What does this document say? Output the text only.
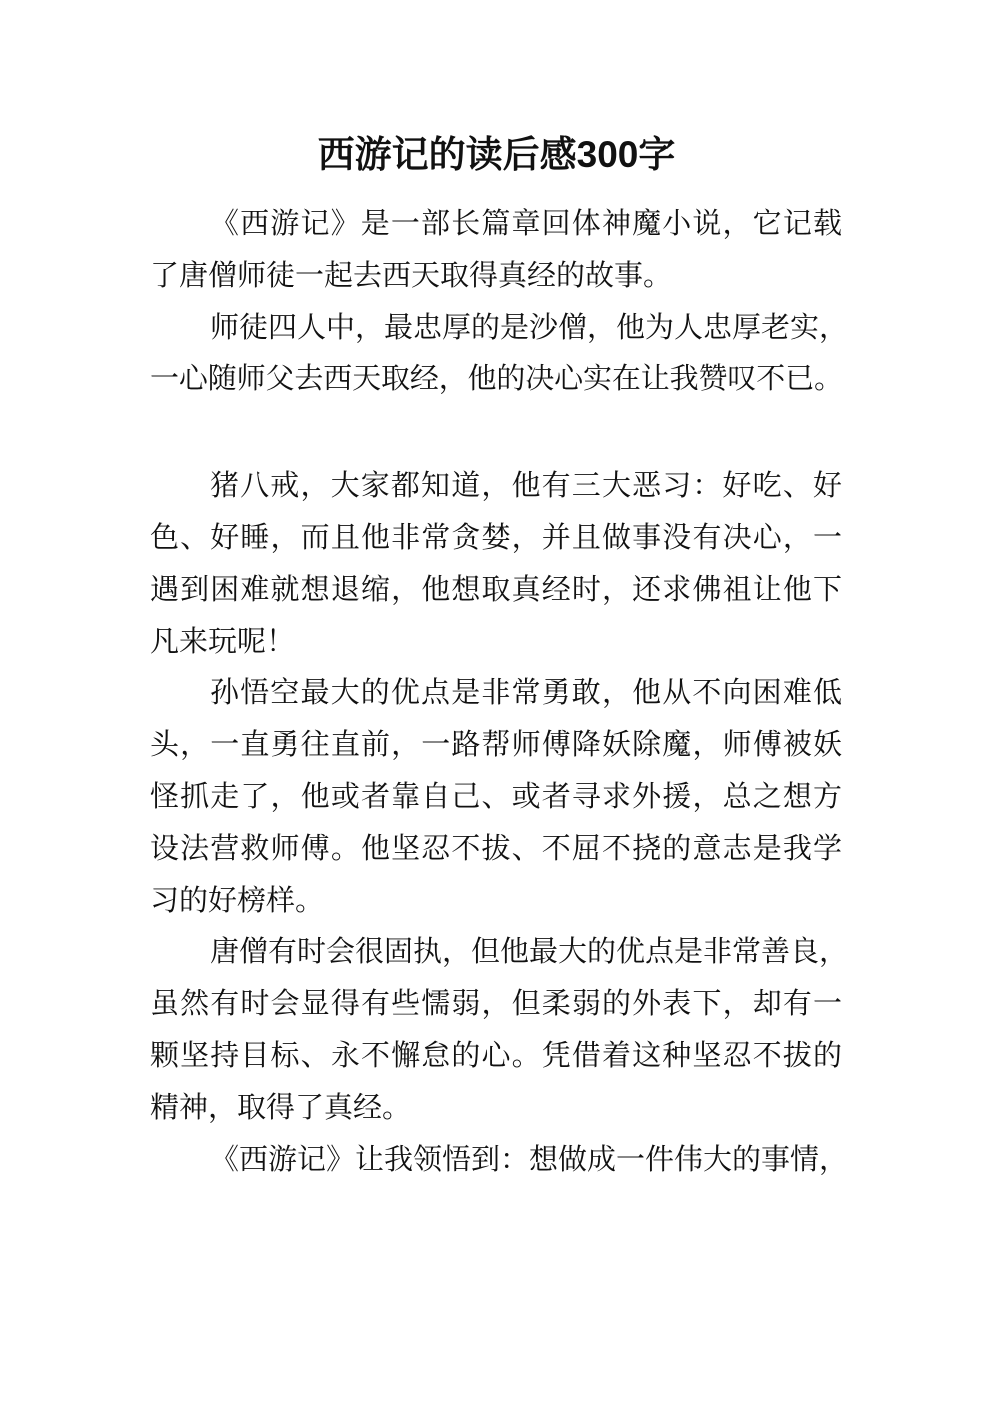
西游记的读后感300字
《西游记》是一部长篇章回体神魔小说，它记载
了唐僧师徒一起去西天取得真经的故事。
师徒四人中，最忠厚的是沙僧，他为人忠厚老实，
一心随师父去西天取经，他的决心实在让我赞叹不已。
猪八戒，大家都知道，他有三大恶习：好吃、好
色、好睡，而且他非常贪婪，并且做事没有决心，一
遇到困难就想退缩，他想取真经时，还求佛祖让他下
凡来玩呢！
孙悟空最大的优点是非常勇敢，他从不向困难低
头，一直勇往直前，一路帮师傅降妖除魔，师傅被妖
怪抓走了，他或者靠自己、或者寻求外援，总之想方
设法营救师傅。他坚忍不拔、不屈不挠的意志是我学
习的好榜样。
唐僧有时会很固执，但他最大的优点是非常善良，
虽然有时会显得有些懦弱，但柔弱的外表下，却有一
颗坚持目标、永不懈怠的心。凭借着这种坚忍不拔的
精神，取得了真经。
《西游记》让我领悟到：想做成一件伟大的事情，
